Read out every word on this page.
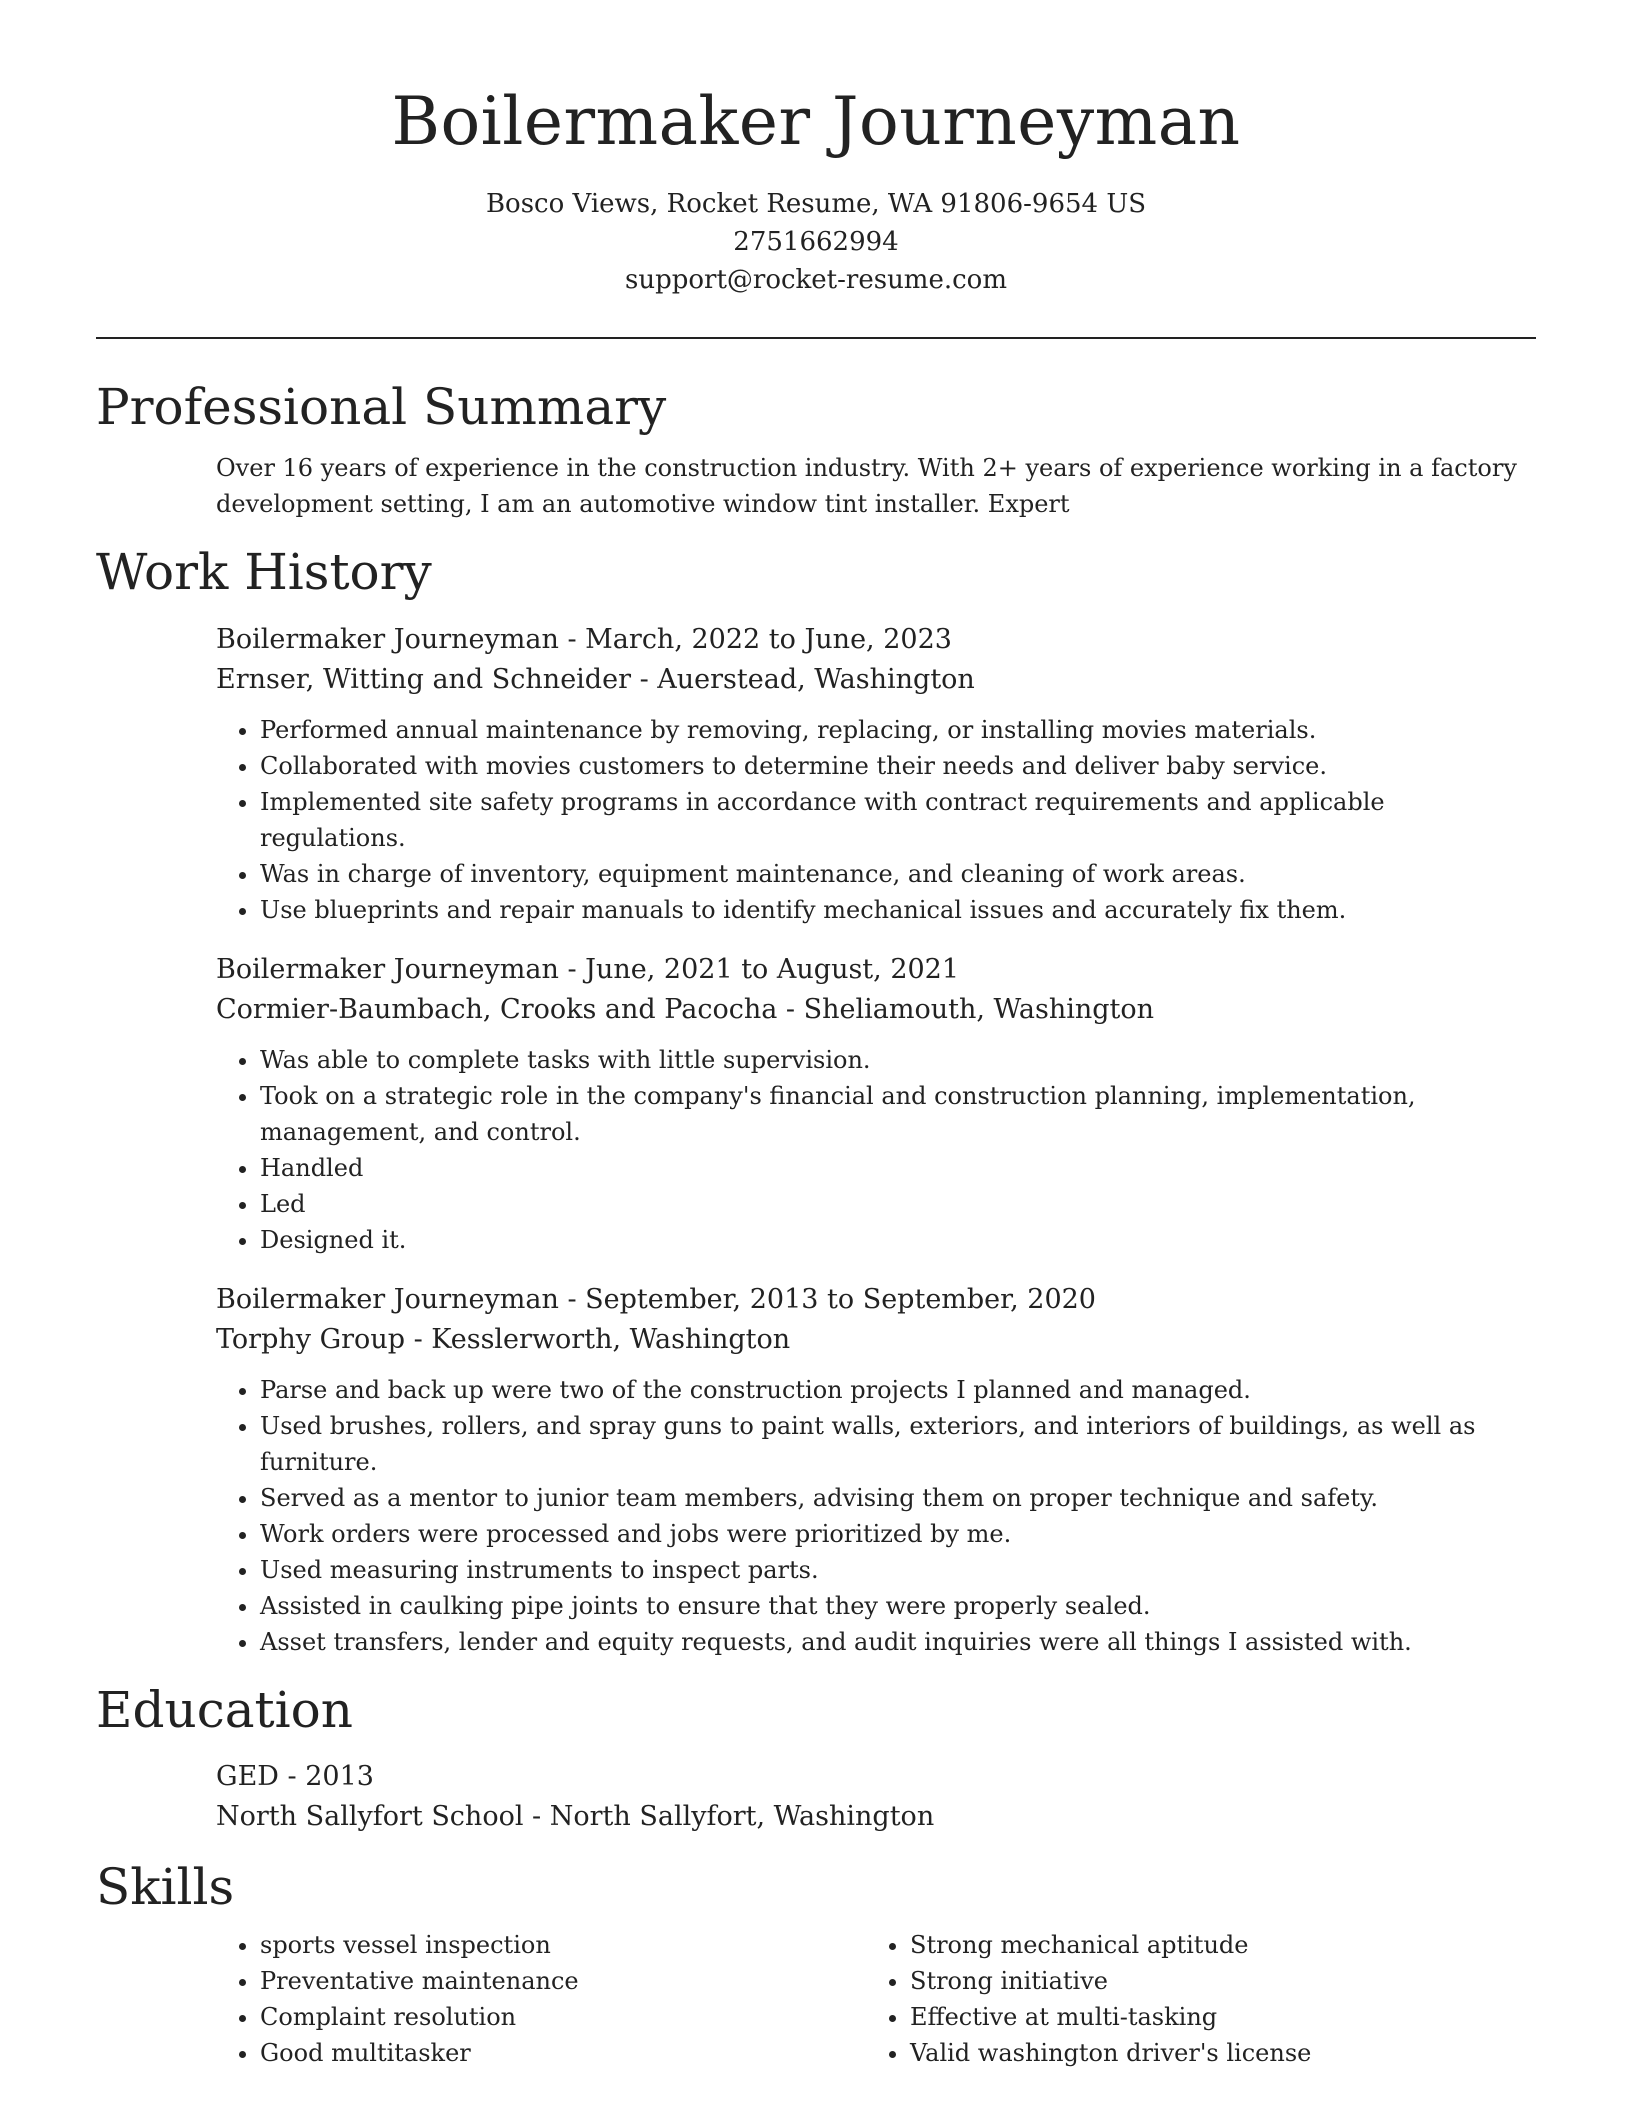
Boilermaker Journeyman

Bosco Views, Rocket Resume, WA 91806-9654 US

2751662994

support@rocket-resume.com

Professional Summary

Over 16 years of experience in the construction industry. With 2+ years of experience working in a factory development setting, I am an automotive window tint installer. Expert

Work History

Boilermaker Journeyman - March, 2022 to June, 2023

Ernser, Witting and Schneider - Auerstead, Washington

• Performed annual maintenance by removing, replacing, or installing movies materials.
• Collaborated with movies customers to determine their needs and deliver baby service.
• Implemented site safety programs in accordance with contract requirements and applicable regulations.
• Was in charge of inventory, equipment maintenance, and cleaning of work areas.
• Use blueprints and repair manuals to identify mechanical issues and accurately fix them.

Boilermaker Journeyman - June, 2021 to August, 2021

Cormier-Baumbach, Crooks and Pacocha - Sheliamouth, Washington

• Was able to complete tasks with little supervision.
• Took on a strategic role in the company's financial and construction planning, implementation, management, and control.
• Handled
• Led
• Designed it.

Boilermaker Journeyman - September, 2013 to September, 2020

Torphy Group - Kesslerworth, Washington

• Parse and back up were two of the construction projects I planned and managed.
• Used brushes, rollers, and spray guns to paint walls, exteriors, and interiors of buildings, as well as furniture.
• Served as a mentor to junior team members, advising them on proper technique and safety.
• Work orders were processed and jobs were prioritized by me.
• Used measuring instruments to inspect parts.
• Assisted in caulking pipe joints to ensure that they were properly sealed.
• Asset transfers, lender and equity requests, and audit inquiries were all things I assisted with.
Education

GED - 2013

North Sallyfort School - North Sallyfort, Washington

Skills
• sports vessel inspection
• Preventative maintenance
• Complaint resolution
• Good multitasker
• Strong mechanical aptitude
• Strong initiative
• Effective at multi-tasking
• Valid washington driver's license
